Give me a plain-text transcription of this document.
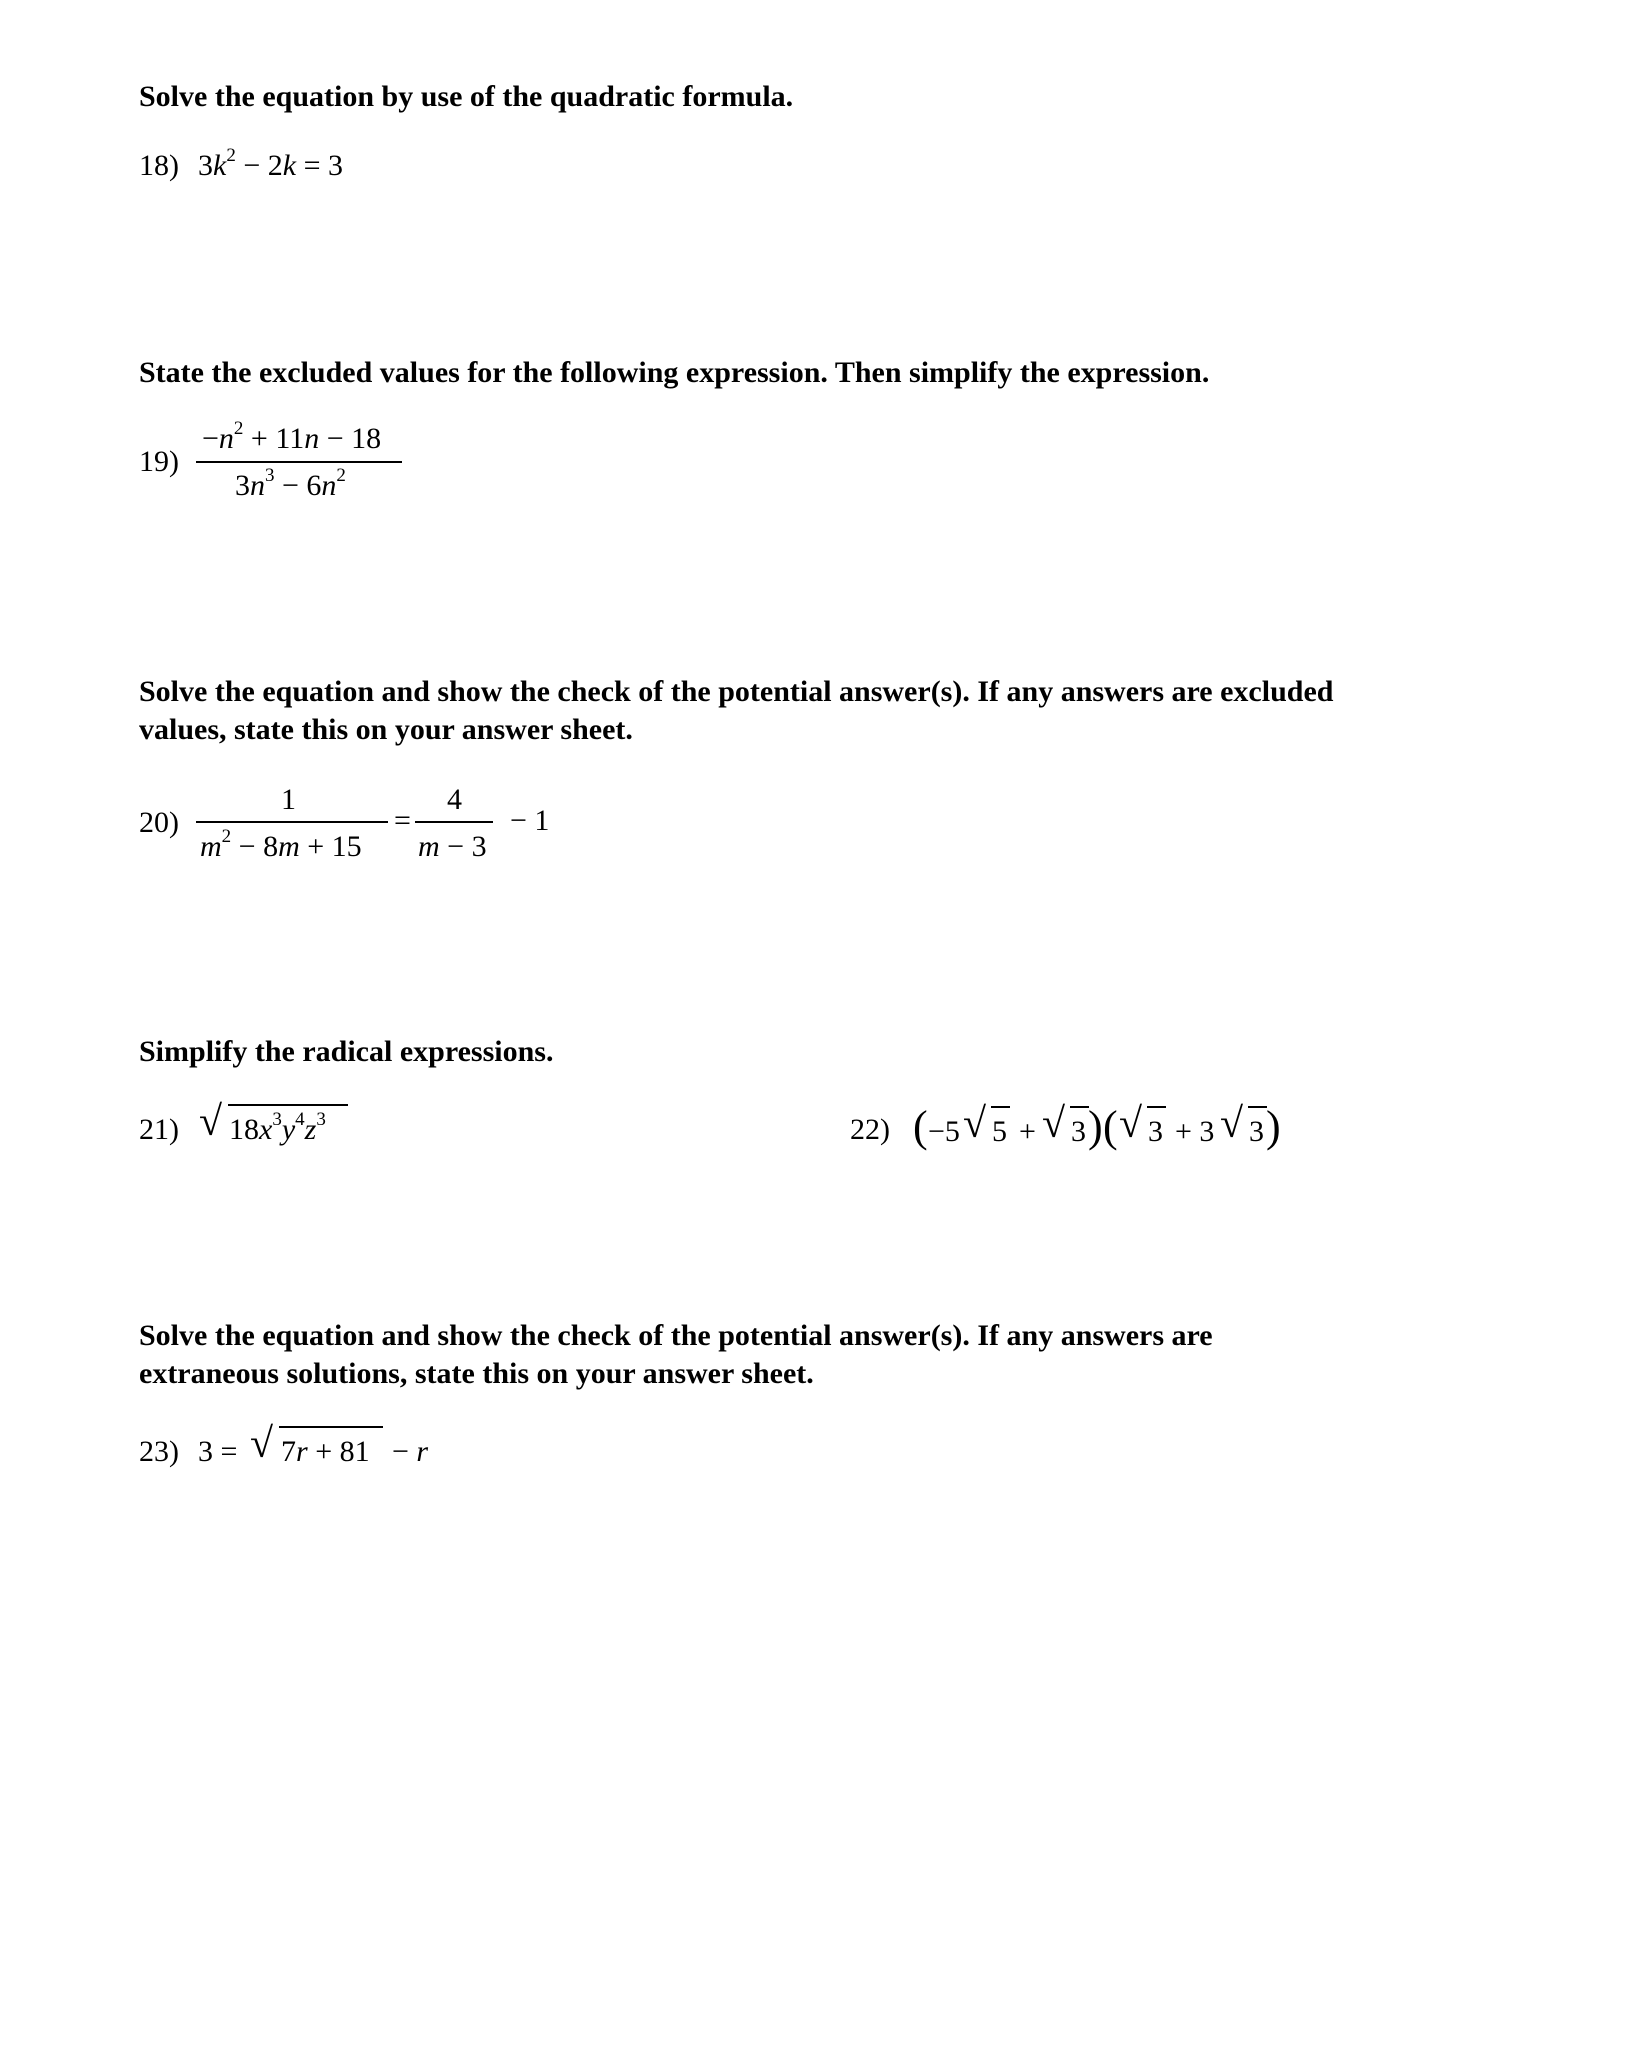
Solve the equation by use of the quadratic formula.
18) $3k^2 - 2k = 3$
State the excluded values for the following expression. Then simplify the expression.
19)
$-n^2 + 11n - 18$
$3n^3 - 6n^2$
Solve the equation and show the check of the potential answer(s). If any answers are excluded
values, state this on your answer sheet.
20)
1
$m^2 - 8m + 15$
=
4
m − 3
− 1
Simplify the radical expressions.
21) √ $18x^3y^4z^3$	22) ( −5 √ 5 + √ 3 ) ( √ 3 + 3 √ 3 )
Solve the equation and show the check of the potential answer(s). If any answers are
extraneous solutions, state this on your answer sheet.
23) 3 = √ 7r + 81 − r
